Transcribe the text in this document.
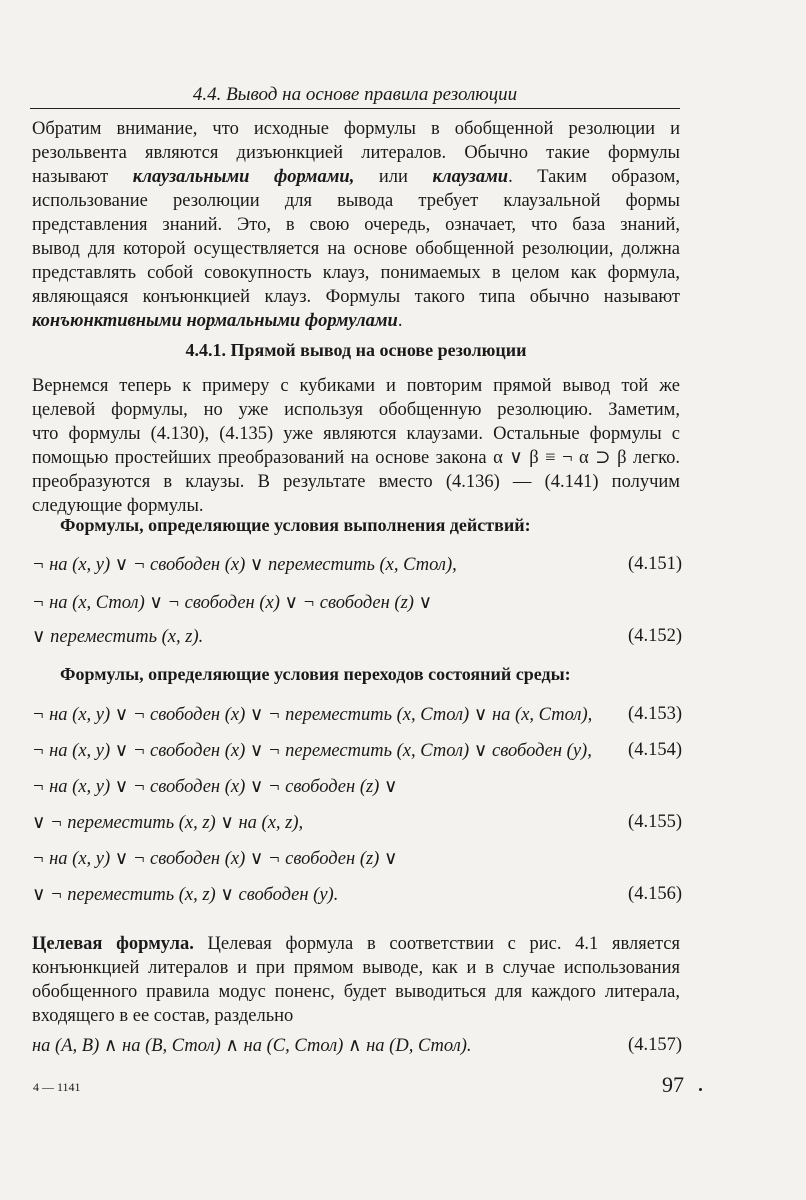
4.4. Вывод на основе правила резолюции
Обратим внимание, что исходные формулы в обобщенной резолюции и
резольвента являются дизъюнкцией литералов. Обычно такие формулы
называют клаузальными формами, или клаузами. Таким образом,
использование резолюции для вывода требует клаузальной формы
представления знаний. Это, в свою очередь, означает, что база знаний,
вывод для которой осуществляется на основе обобщенной резолюции, должна
представлять собой совокупность клауз, понимаемых в целом как формула,
являющаяся конъюнкцией клауз. Формулы такого типа обычно называют
конъюнктивными нормальными формулами.
4.4.1. Прямой вывод на основе резолюции
Вернемся теперь к примеру с кубиками и повторим прямой вывод той же
целевой формулы, но уже используя обобщенную резолюцию. Заметим,
что формулы (4.130), (4.135) уже являются клаузами. Остальные формулы с
помощью простейших преобразований на основе закона α ∨ β ≡ ¬ α ⊃ β легко.
преобразуются в клаузы. В результате вместо (4.136) — (4.141) получим
следующие формулы.
Формулы, определяющие условия выполнения действий:
¬ на (x, y) ∨ ¬ свободен (x) ∨ переместить (x, Стол),	(4.151)
¬ на (x, Стол) ∨ ¬ свободен (x) ∨ ¬ свободен (z) ∨
∨ переместить (x, z).	(4.152)
Формулы, определяющие условия переходов состояний среды:
¬ на (x, y) ∨ ¬ свободен (x) ∨ ¬ переместить (x, Стол) ∨ на (x, Стол), (4.153)
¬ на (x, y) ∨ ¬ свободен (x) ∨ ¬ переместить (x, Стол) ∨ свободен (y), (4.154)
¬ на (x, y) ∨ ¬ свободен (x) ∨ ¬ свободен (z) ∨
∨ ¬ переместить (x, z) ∨ на (x, z),	(4.155)
¬ на (x, y) ∨ ¬ свободен (x) ∨ ¬ свободен (z) ∨
∨ ¬ переместить (x, z) ∨ свободен (y).	(4.156)
Целевая формула. Целевая формула в соответствии с рис. 4.1 является
конъюнкцией литералов и при прямом выводе, как и в случае использования
обобщенного правила модус поненс, будет выводиться для каждого литерала,
входящего в ее состав, раздельно
на (A, B) ∧ на (B, Стол) ∧ на (C, Стол) ∧ на (D, Стол).	(4.157)
4 — 1141	97
